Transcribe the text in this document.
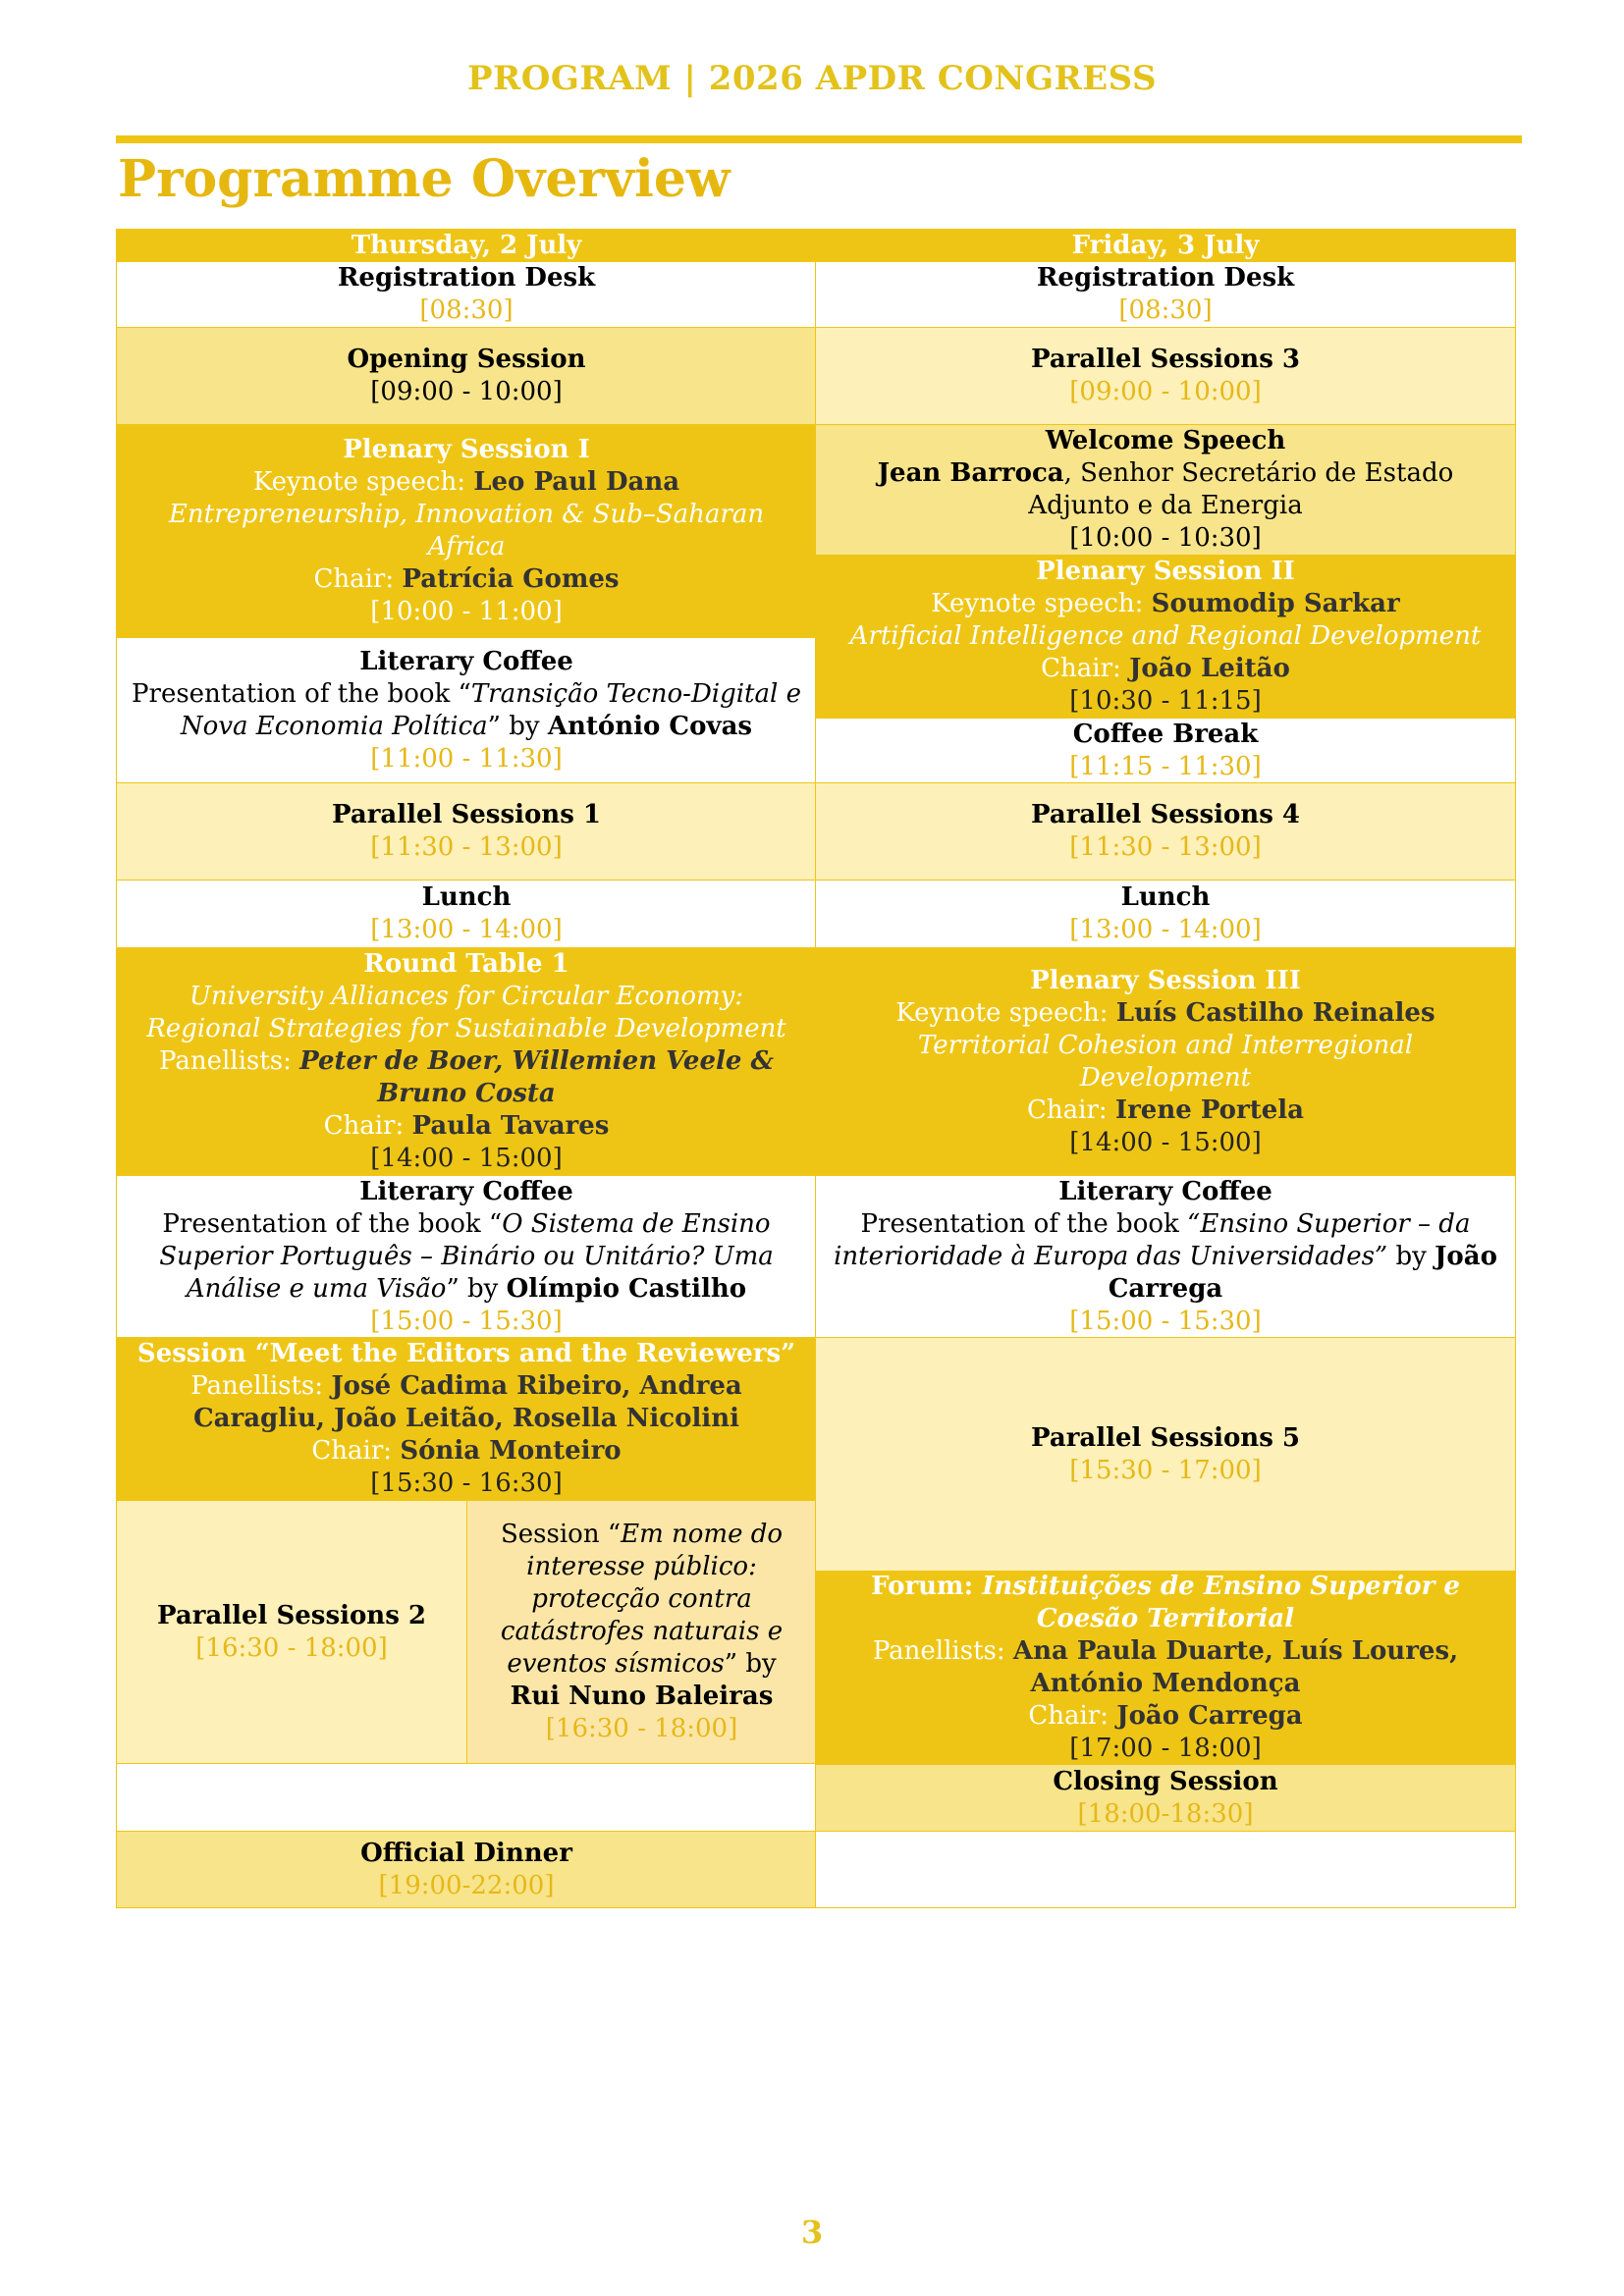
PROGRAM | 2026 APDR CONGRESS
Programme Overview
Thursday, 2 July	Friday, 3 July
Registration Desk
[08:30]
Opening Session
[09:00 - 10:00]
Plenary Session I
Keynote speech: Leo Paul Dana
Entrepreneurship, Innovation & Sub–Saharan Africa
Chair: Patrícia Gomes
[10:00 - 11:00]
Literary Coffee
Presentation of the book “Transição Tecno-Digital e Nova Economia Política” by António Covas
[11:00 - 11:30]
Parallel Sessions 1
[11:30 - 13:00]
Lunch
[13:00 - 14:00]
Round Table 1
University Alliances for Circular Economy: Regional Strategies for Sustainable Development
Panellists: Peter de Boer, Willemien Veele & Bruno Costa
Chair: Paula Tavares
[14:00 - 15:00]
Literary Coffee
Presentation of the book “O Sistema de Ensino Superior Português – Binário ou Unitário? Uma Análise e uma Visão” by Olímpio Castilho
[15:00 - 15:30]
Session “Meet the Editors and the Reviewers”
Panellists: José Cadima Ribeiro, Andrea Caragliu, João Leitão, Rosella Nicolini
Chair: Sónia Monteiro
[15:30 - 16:30]
Parallel Sessions 2
[16:30 - 18:00]
Session “Em nome do interesse público: protecção contra catástrofes naturais e eventos sísmicos” by Rui Nuno Baleiras
[16:30 - 18:00]
Official Dinner
[19:00-22:00]
Registration Desk
[08:30]
Parallel Sessions 3
[09:00 - 10:00]
Welcome Speech
Jean Barroca, Senhor Secretário de Estado Adjunto e da Energia
[10:00 - 10:30]
Plenary Session II
Keynote speech: Soumodip Sarkar
Artificial Intelligence and Regional Development
Chair: João Leitão
[10:30 - 11:15]
Coffee Break
[11:15 - 11:30]
Parallel Sessions 4
[11:30 - 13:00]
Lunch
[13:00 - 14:00]
Plenary Session III
Keynote speech: Luís Castilho Reinales
Territorial Cohesion and Interregional Development
Chair: Irene Portela
[14:00 - 15:00]
Literary Coffee
Presentation of the book “Ensino Superior – da interioridade à Europa das Universidades” by João Carrega
[15:00 - 15:30]
Parallel Sessions 5
[15:30 - 17:00]
Forum: Instituições de Ensino Superior e Coesão Territorial
Panellists: Ana Paula Duarte, Luís Loures, António Mendonça
Chair: João Carrega
[17:00 - 18:00]
Closing Session
[18:00-18:30]
3
